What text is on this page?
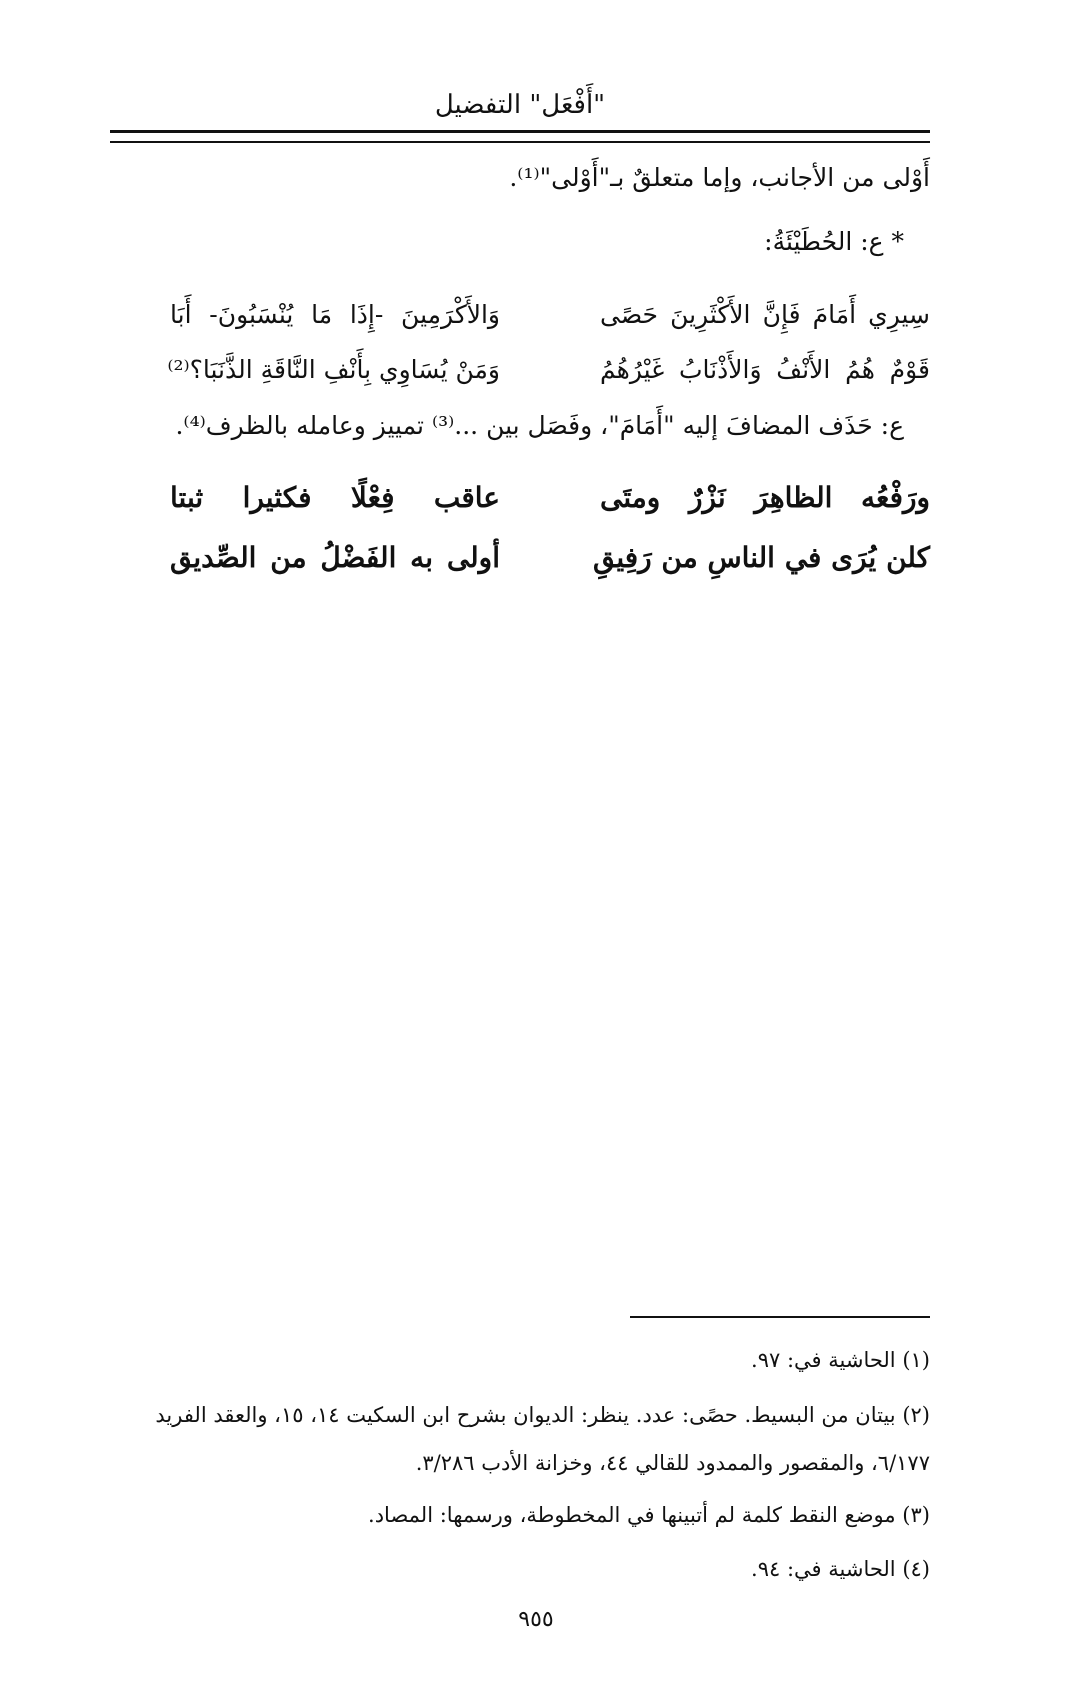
"أَفْعَل" التفضيل
أَوْلى من الأجانب، وإما متعلقٌ بـ"أَوْلى"⁽¹⁾.
* ع: الحُطَيْئَةُ:
سِيرِي أَمَامَ فَإِنَّ الأَكْثَرِينَ حَصًى
وَالأَكْرَمِينَ -إِذَا مَا يُنْسَبُونَ- أَبَا
قَوْمٌ هُمُ الأَنْفُ وَالأَذْنَابُ غَيْرُهُمُ
وَمَنْ يُسَاوِي بِأَنْفِ النَّاقَةِ الذَّنَبَا؟⁽²⁾
ع: حَذَف المضافَ إليه "أَمَامَ"، وفَصَل بين ...⁽³⁾ تمييز وعامله بالظرف⁽⁴⁾.
ورَفْعُه الظاهِرَ نَزْرٌ ومتَى
عاقب فِعْلًا فكثيرا ثبتا
كلن يُرَى في الناسِ من رَفِيقِ
أولى به الفَضْلُ من الصِّديق
(١) الحاشية في: ٩٧.
(٢) بيتان من البسيط. حصًى: عدد. ينظر: الديوان بشرح ابن السكيت ١٤، ١٥، والعقد الفريد
٦/١٧٧، والمقصور والممدود للقالي ٤٤، وخزانة الأدب ٣/٢٨٦.
(٣) موضع النقط كلمة لم أتبينها في المخطوطة، ورسمها: المصاد.
(٤) الحاشية في: ٩٤.
٩٥٥
